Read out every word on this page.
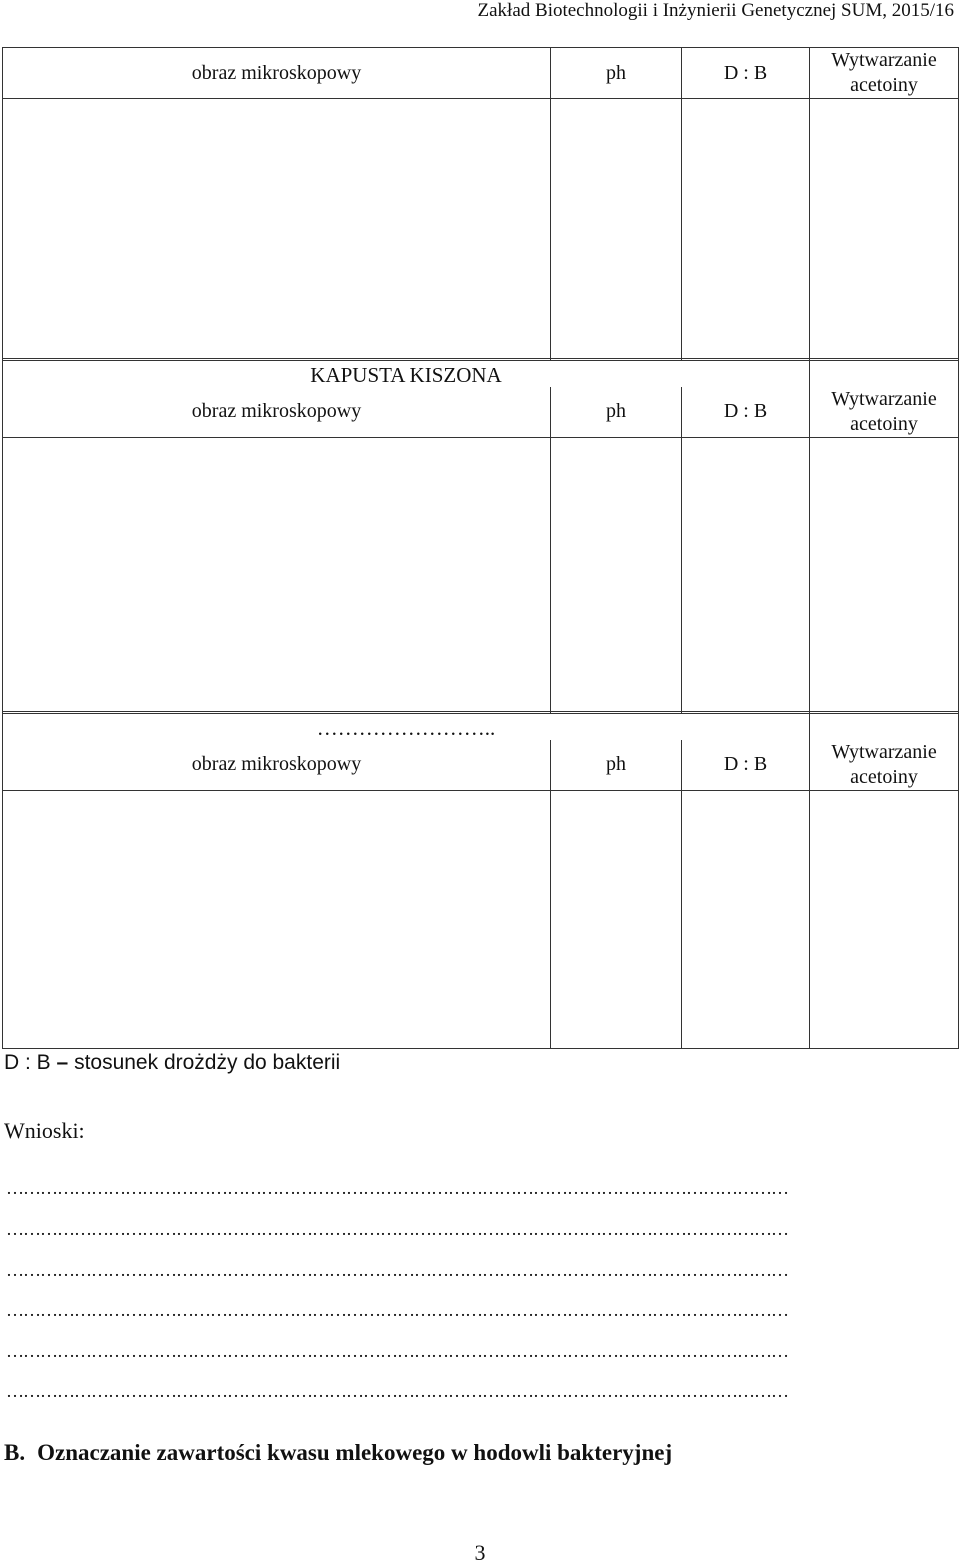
Zakład Biotechnologii i Inżynierii Genetycznej SUM, 2015/16
obraz mikroskopowy	ph	D : B	Wytwarzanie acetoiny

KAPUSTA KISZONA			
obraz mikroskopowy	ph	D : B	Wytwarzanie acetoiny

……………………..			
obraz mikroskopowy	ph	D : B	Wytwarzanie acetoiny

D : B – stosunek drożdży do bakterii
Wnioski:
…………………………………………………………………………………………………………………………
…………………………………………………………………………………………………………………………
…………………………………………………………………………………………………………………………
…………………………………………………………………………………………………………………………
…………………………………………………………………………………………………………………………
…………………………………………………………………………………………………………………………
B. Oznaczanie zawartości kwasu mlekowego w hodowli bakteryjnej
3
